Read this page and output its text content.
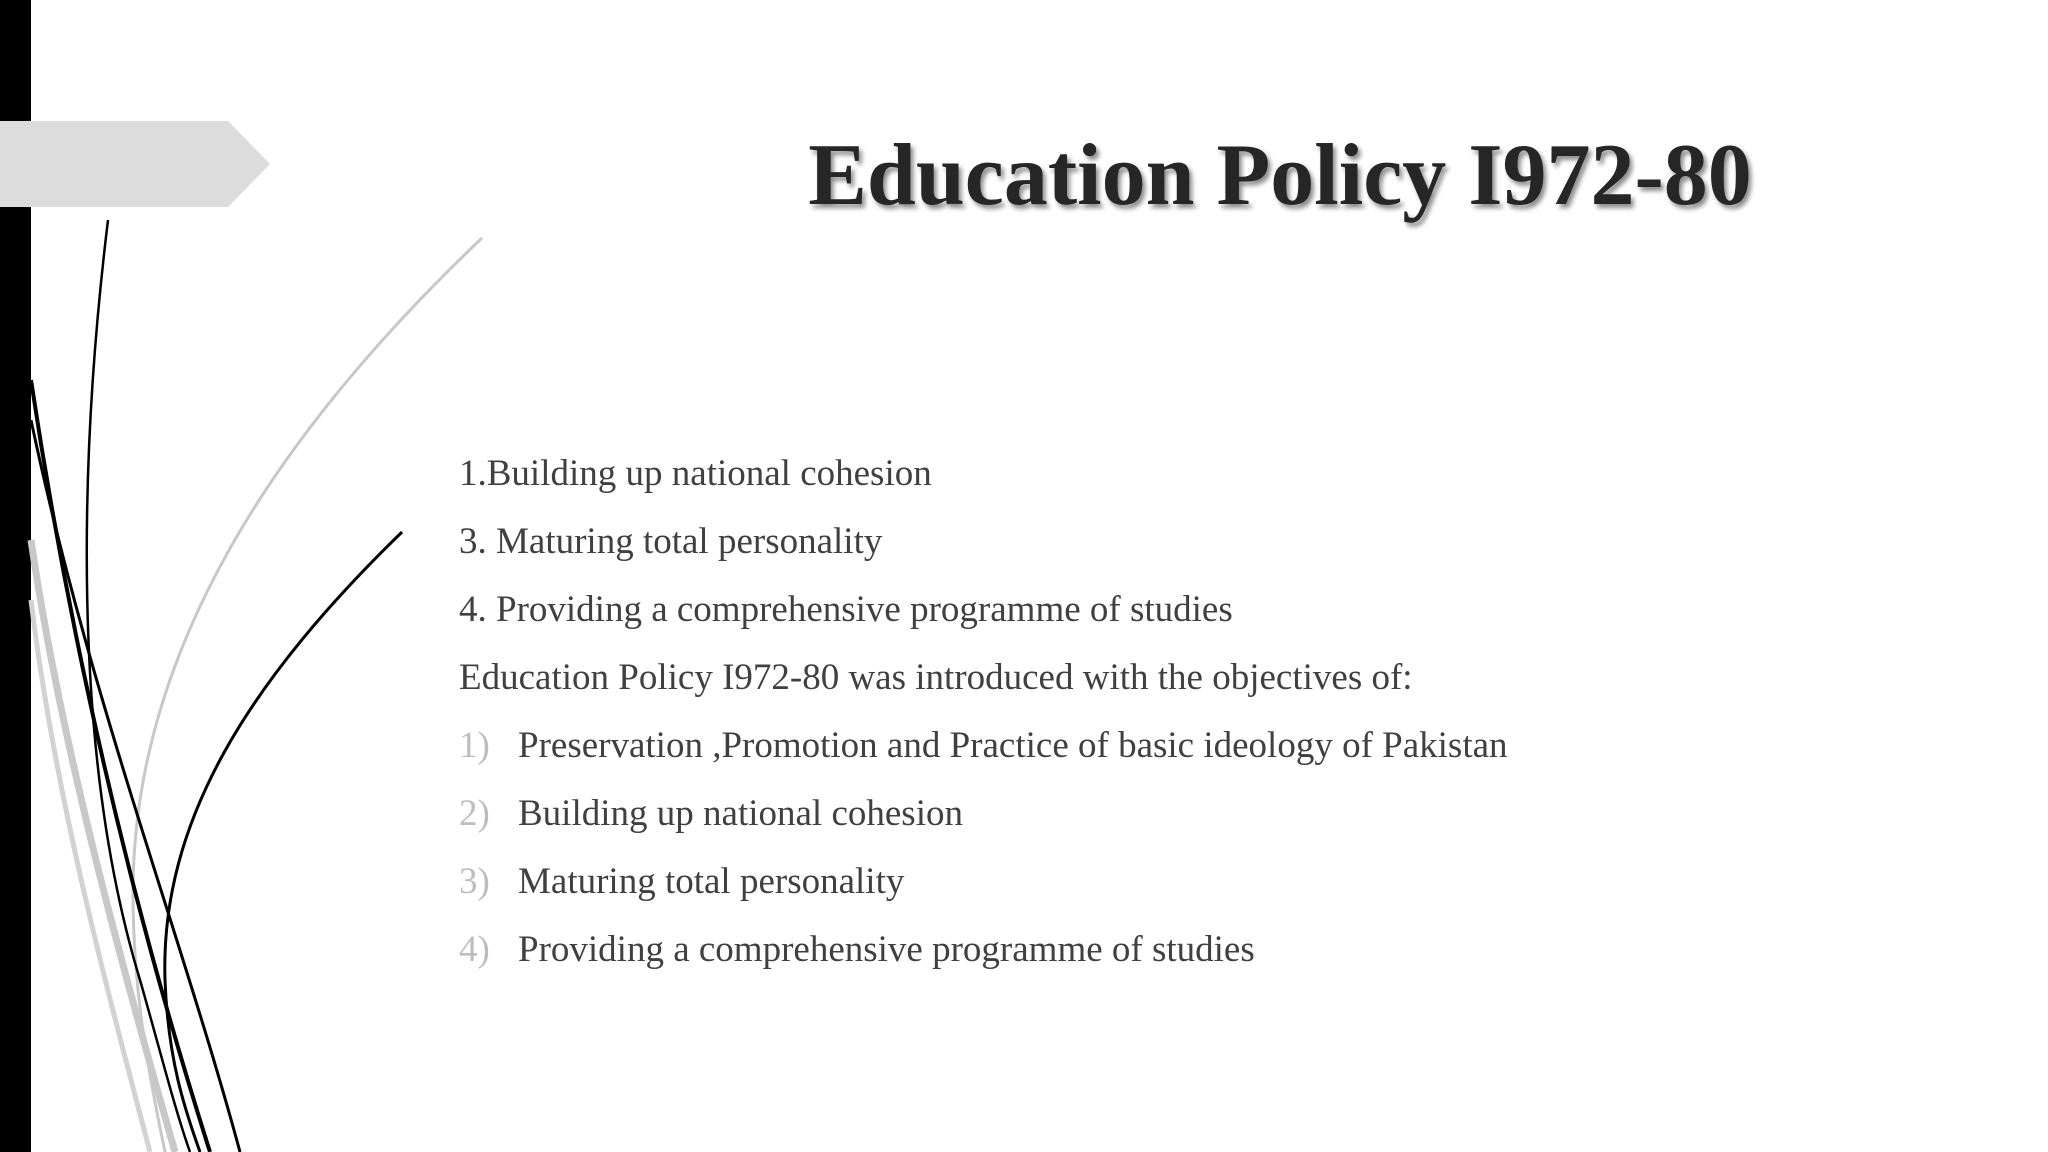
Education Policy I972-80
1.Building up national cohesion
3. Maturing total personality
4. Providing a comprehensive programme of studies
Education Policy I972-80 was introduced with the objectives of:
1) Preservation ,Promotion and Practice of basic ideology of Pakistan
2) Building up national cohesion
3) Maturing total personality
4) Providing a comprehensive programme of studies
